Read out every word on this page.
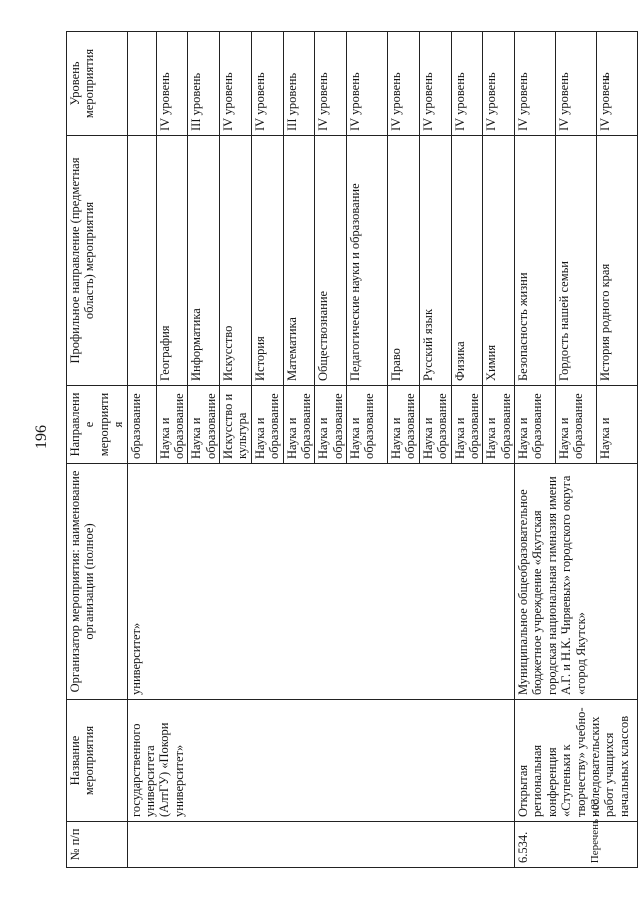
196
Перечень - 03
№ п/п	Название мероприятия	Организатор мероприятия: наименование организации (полное)	Направление мероприятия	Профильное направление (предметная область) мероприятия	Уровень мероприятия
	государственного университета (АлтГУ) «Покори университет»	университет»	образование		
			Наука и образование	География	IV уровень
			Наука и образование	Информатика	III уровень
			Искусство и культура	Искусство	IV уровень
			Наука и образование	История	IV уровень
			Наука и образование	Математика	III уровень
			Наука и образование	Обществознание	IV уровень
			Наука и образование	Педагогические науки и образование	IV уровень
			Наука и образование	Право	IV уровень
			Наука и образование	Русский язык	IV уровень
			Наука и образование	Физика	IV уровень
			Наука и образование	Химия	IV уровень
6.534.	Открытая региональная конференция «Ступеньки к творчеству» учебно-исследовательских работ учащихся начальных классов	Муниципальное общеобразовательное бюджетное учреждение «Якутская городская национальная гимназия имени А.Г. и Н.К. Чиряевых» городского округа «город Якутск»	Наука и образование	Безопасность жизни	IV уровень
			Наука и образование	Гордость нашей семьи	IV уровень
			Наука и	История родного края	IV уровень
